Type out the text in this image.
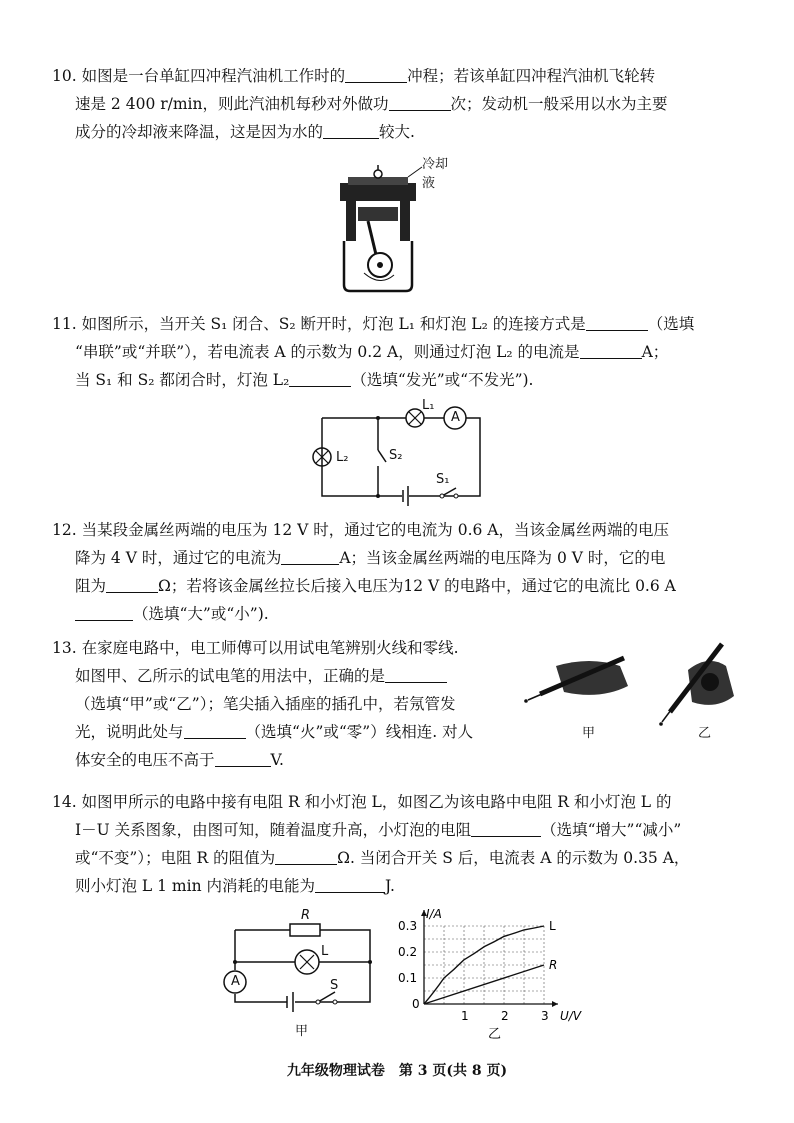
10. 如图是一台单缸四冲程汽油机工作时的	冲程；若该单缸四冲程汽油机飞轮转
速是 2 400 r/min，则此汽油机每秒对外做功	次；发动机一般采用以水为主要
成分的冷却液来降温，这是因为水的	较大.
冷却液
11. 如图所示，当开关 S₁ 闭合、S₂ 断开时，灯泡 L₁ 和灯泡 L₂ 的连接方式是	（选填
“串联”或“并联”），若电流表 A 的示数为 0.2 A，则通过灯泡 L₂ 的电流是	A；
当 S₁ 和 S₂ 都闭合时，灯泡 L₂	（选填“发光”或“不发光”).
L₁
A
L₂	S₂
S₁
12. 当某段金属丝两端的电压为 12 V 时，通过它的电流为 0.6 A，当该金属丝两端的电压
降为 4 V 时，通过它的电流为	A；当该金属丝两端的电压降为 0 V 时，它的电
阻为	Ω；若将该金属丝拉长后接入电压为12 V 的电路中，通过它的电流比 0.6 A
（选填“大”或“小”).
13. 在家庭电路中，电工师傅可以用试电笔辨别火线和零线.
如图甲、乙所示的试电笔的用法中，正确的是
（选填“甲”或“乙”）；笔尖插入插座的插孔中，若氖管发
光，说明此处与	（选填“火”或“零”）线相连. 对人
体安全的电压不高于	V.
甲	乙
14. 如图甲所示的电路中接有电阻 R 和小灯泡 L，如图乙为该电路中电阻 R 和小灯泡 L 的
I－U 关系图象，由图可知，随着温度升高，小灯泡的电阻	（选填“增大”“减小”
或“不变”）；电阻 R 的阻值为	Ω. 当闭合开关 S 后，电流表 A 的示数为 0.35 A，
则小灯泡 L 1 min 内消耗的电能为	J.
R
L
A	S
甲
1	2	3
0.1
0.2
0.3
0
I/A
U/V
乙
L
R
九年级物理试卷　第 3 页(共 8 页)
